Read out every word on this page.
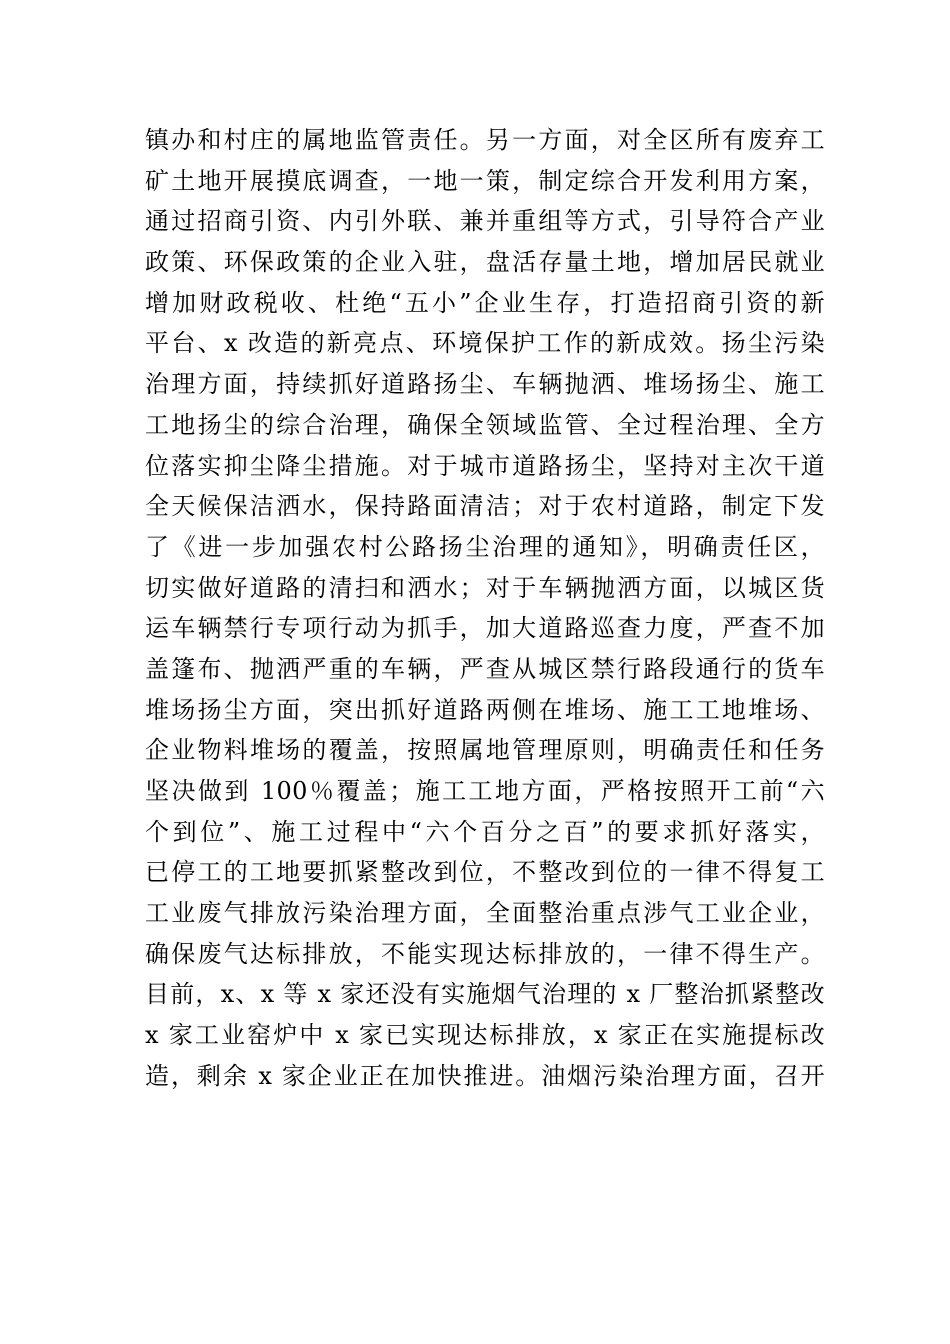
镇办和村庄的属地监管责任。另一方面，对全区所有废弃工
矿土地开展摸底调查，一地一策，制定综合开发利用方案，
通过招商引资、内引外联、兼并重组等方式，引导符合产业
政策、环保政策的企业入驻，盘活存量土地，增加居民就业
增加财政税收、杜绝“五小”企业生存，打造招商引资的新
平台、x 改造的新亮点、环境保护工作的新成效。扬尘污染
治理方面，持续抓好道路扬尘、车辆抛洒、堆场扬尘、施工
工地扬尘的综合治理，确保全领域监管、全过程治理、全方
位落实抑尘降尘措施。对于城市道路扬尘，坚持对主次干道
全天候保洁洒水，保持路面清洁；对于农村道路，制定下发
了《进一步加强农村公路扬尘治理的通知》，明确责任区，
切实做好道路的清扫和洒水；对于车辆抛洒方面，以城区货
运车辆禁行专项行动为抓手，加大道路巡查力度，严查不加
盖篷布、抛洒严重的车辆，严查从城区禁行路段通行的货车
堆场扬尘方面，突出抓好道路两侧在堆场、施工工地堆场、
企业物料堆场的覆盖，按照属地管理原则，明确责任和任务
坚决做到 100％覆盖；施工工地方面，严格按照开工前“六
个到位”、施工过程中“六个百分之百”的要求抓好落实，
已停工的工地要抓紧整改到位，不整改到位的一律不得复工
工业废气排放污染治理方面，全面整治重点涉气工业企业，
确保废气达标排放，不能实现达标排放的，一律不得生产。
目前，x、x 等 x 家还没有实施烟气治理的 x 厂整治抓紧整改
x 家工业窑炉中 x 家已实现达标排放，x 家正在实施提标改
造，剩余 x 家企业正在加快推进。油烟污染治理方面，召开
